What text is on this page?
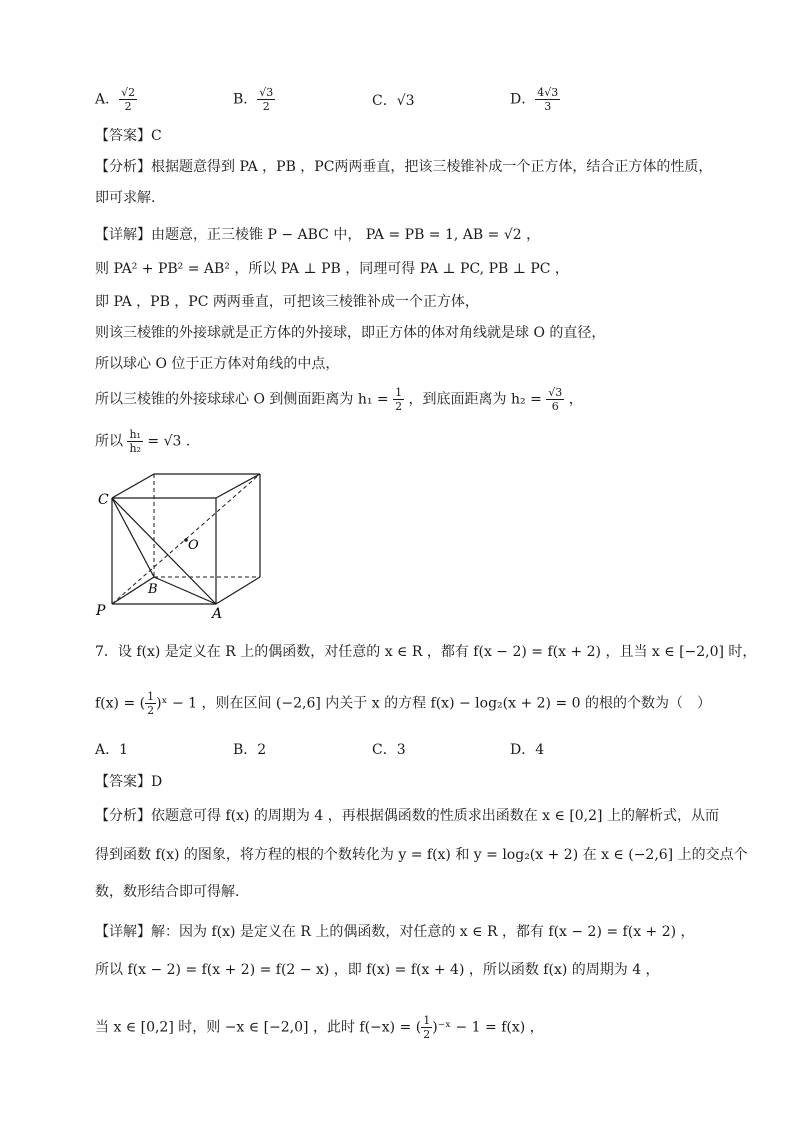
A． $\frac{√2}{2}$	B． $\frac{√3}{2}$	C．√3	D． $\frac{4√3}{3}$
【答案】C
【分析】根据题意得到 PA ，PB ，PC两两垂直，把该三棱锥补成一个正方体，结合正方体的性质，
即可求解.
【详解】由题意，正三棱锥 P − ABC 中， PA = PB = 1, AB = √2 ，
则 PA² + PB² = AB² ，所以 PA ⊥ PB ，同理可得 PA ⊥ PC, PB ⊥ PC ，
即 PA ，PB ，PC 两两垂直，可把该三棱锥补成一个正方体，
则该三棱锥的外接球就是正方体的外接球，即正方体的体对角线就是球 O 的直径，
所以球心 O 位于正方体对角线的中点，
所以三棱锥的外接球球心 O 到侧面距离为 $h_1 = \frac{1}{2}$ ，到底面距离为 $h_2 = \frac{√3}{6}$ ，
所以 $\frac{\text{h₁}}{\text{h₂}} = √3$ .
C
O
B
P	A
7．设 f(x) 是定义在 R 上的偶函数，对任意的 x ∈ R ，都有 f(x − 2) = f(x + 2) ，且当 x ∈ [−2,0] 时，
f(x) = ( $\frac{1}{2}$ )ˣ − 1 ，则在区间 (−2,6] 内关于 x 的方程 f(x) − log₂(x + 2) = 0 的根的个数为（　）
A．1	B．2	C．3	D．4
【答案】D
【分析】依题意可得 f(x) 的周期为 4 ，再根据偶函数的性质求出函数在 x ∈ [0,2] 上的解析式，从而
得到函数 f(x) 的图象，将方程的根的个数转化为 y = f(x) 和 y = log₂(x + 2) 在 x ∈ (−2,6] 上的交点个
数，数形结合即可得解.
【详解】解：因为 f(x) 是定义在 R 上的偶函数，对任意的 x ∈ R ，都有 f(x − 2) = f(x + 2) ，
所以 f(x − 2) = f(x + 2) = f(2 − x) ，即 f(x) = f(x + 4) ，所以函数 f(x) 的周期为 4 ，
当 x ∈ [0,2] 时，则 −x ∈ [−2,0] ，此时 f(−x) = ( $\frac{1}{2}$ )⁻ˣ − 1 = f(x) ，
